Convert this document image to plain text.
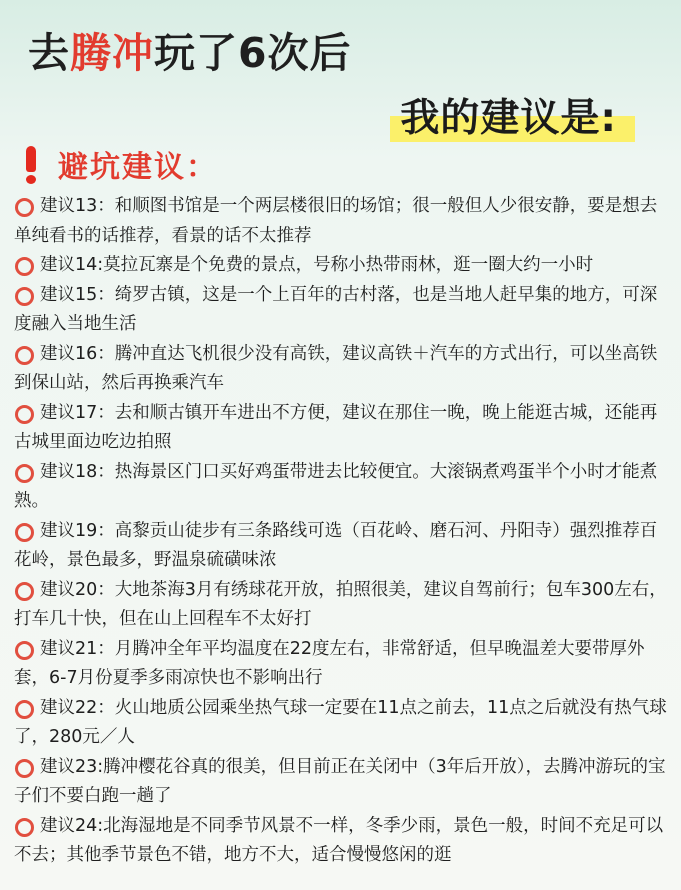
去 腾冲 玩了6次后
我的建议是:
避坑建议：
建议13：和顺图书馆是一个两层楼很旧的场馆；很一般但人少很安静，要是想去单纯看书的话推荐，看景的话不太推荐
建议14:莫拉瓦寨是个免费的景点，号称小热带雨林，逛一圈大约一小时
建议15：绮罗古镇，这是一个上百年的古村落，也是当地人赶早集的地方，可深度融入当地生活
建议16：腾冲直达飞机很少没有高铁，建议高铁＋汽车的方式出行，可以坐高铁到保山站，然后再换乘汽车
建议17：去和顺古镇开车进出不方便，建议在那住一晚，晚上能逛古城，还能再古城里面边吃边拍照
建议18：热海景区门口买好鸡蛋带进去比较便宜。大滚锅煮鸡蛋半个小时才能煮熟。
建议19：高黎贡山徒步有三条路线可选（百花岭、磨石河、丹阳寺）强烈推荐百花岭，景色最多，野温泉硫磺味浓
建议20：大地茶海3月有绣球花开放，拍照很美，建议自驾前行；包车300左右，打车几十快，但在山上回程车不太好打
建议21：月腾冲全年平均温度在22度左右，非常舒适，但早晚温差大要带厚外套，6-7月份夏季多雨凉快也不影响出行
建议22：火山地质公园乘坐热气球一定要在11点之前去，11点之后就没有热气球了，280元／人
建议23:腾冲樱花谷真的很美，但目前正在关闭中（3年后开放），去腾冲游玩的宝子们不要白跑一趟了
建议24:北海湿地是不同季节风景不一样，冬季少雨，景色一般，时间不充足可以不去；其他季节景色不错，地方不大，适合慢慢悠闲的逛
